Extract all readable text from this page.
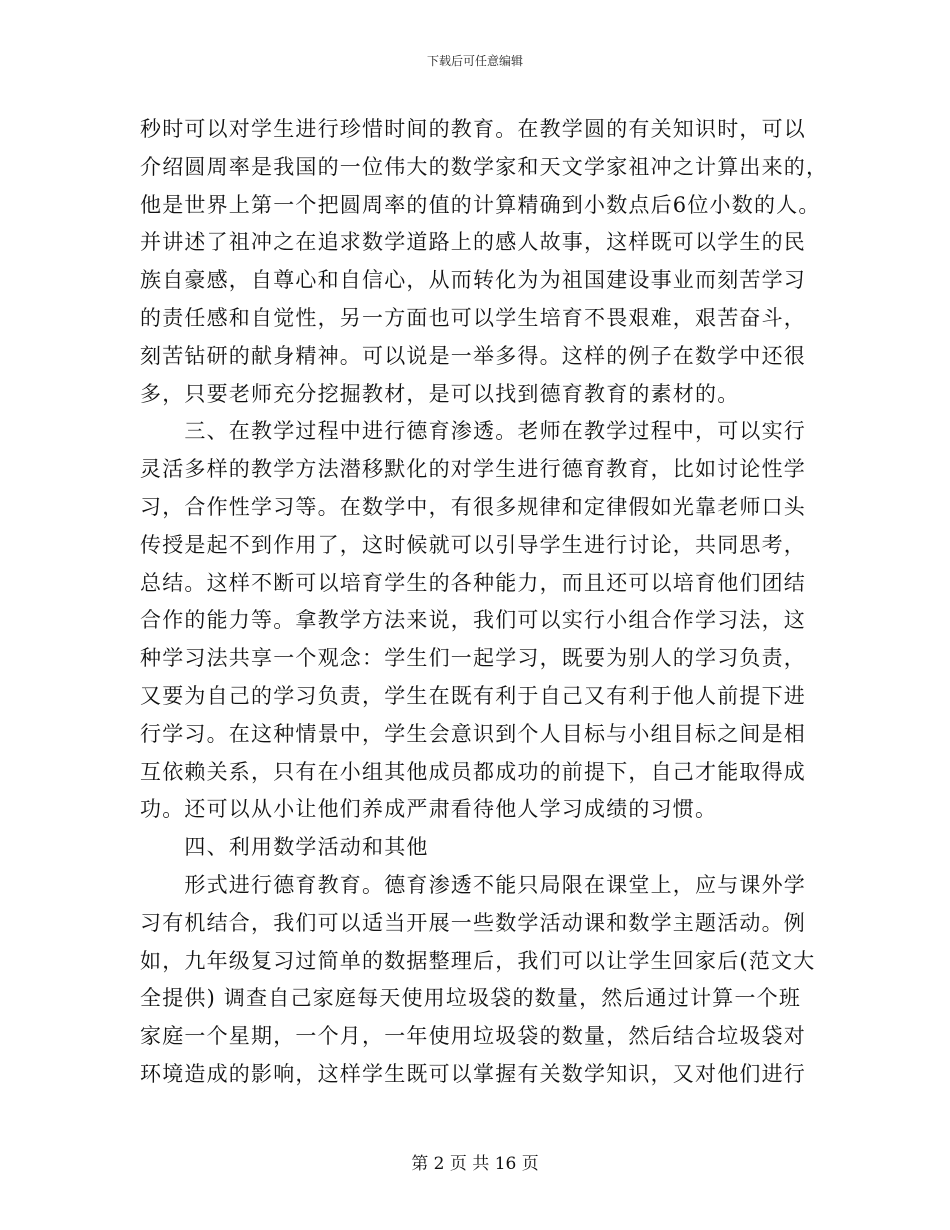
下载后可任意编辑
秒时可以对学生进行珍惜时间的教育。在教学圆的有关知识时，可以
介绍圆周率是我国的一位伟大的数学家和天文学家祖冲之计算出来的，
他是世界上第一个把圆周率的值的计算精确到小数点后6位小数的人。
并讲述了祖冲之在追求数学道路上的感人故事，这样既可以学生的民
族自豪感，自尊心和自信心，从而转化为为祖国建设事业而刻苦学习
的责任感和自觉性，另一方面也可以学生培育不畏艰难，艰苦奋斗，
刻苦钻研的献身精神。可以说是一举多得。这样的例子在数学中还很
多，只要老师充分挖掘教材，是可以找到德育教育的素材的。
　　三、在教学过程中进行德育渗透。老师在教学过程中，可以实行
灵活多样的教学方法潜移默化的对学生进行德育教育，比如讨论性学
习，合作性学习等。在数学中，有很多规律和定律假如光靠老师口头
传授是起不到作用了，这时候就可以引导学生进行讨论，共同思考，
总结。这样不断可以培育学生的各种能力，而且还可以培育他们团结
合作的能力等。拿教学方法来说，我们可以实行小组合作学习法，这
种学习法共享一个观念：学生们一起学习，既要为别人的学习负责，
又要为自己的学习负责，学生在既有利于自己又有利于他人前提下进
行学习。在这种情景中，学生会意识到个人目标与小组目标之间是相
互依赖关系，只有在小组其他成员都成功的前提下，自己才能取得成
功。还可以从小让他们养成严肃看待他人学习成绩的习惯。
　　四、利用数学活动和其他
　　形式进行德育教育。德育渗透不能只局限在课堂上，应与课外学
习有机结合，我们可以适当开展一些数学活动课和数学主题活动。例
如，九年级复习过简单的数据整理后，我们可以让学生回家后(范文大
全提供) 调查自己家庭每天使用垃圾袋的数量，然后通过计算一个班
家庭一个星期，一个月，一年使用垃圾袋的数量，然后结合垃圾袋对
环境造成的影响，这样学生既可以掌握有关数学知识，又对他们进行
第 2 页 共 16 页
